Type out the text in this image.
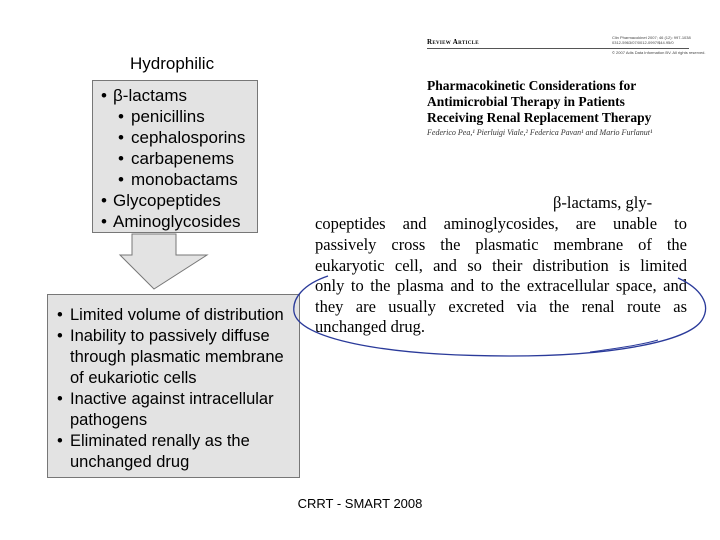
Hydrophilic
• β-lactams
• penicillins
• cephalosporins
• carbapenems
• monobactams
• Glycopeptides
• Aminoglycosides
• Limited volume of distribution
• Inability to passively diffuse
through plasmatic membrane
of eukariotic cells
• Inactive against intracellular
pathogens
• Eliminated renally as the
unchanged drug
Review Article
Clin Pharmacokinet 2007; 46 (12): 997-1038
0312-5963/07/0012-0997/$44.95/0
© 2007 Adis Data Information BV. All rights reserved.
Pharmacokinetic Considerations for
Antimicrobial Therapy in Patients
Receiving Renal Replacement Therapy
Federico Pea,¹ Pierluigi Viale,² Federica Pavan¹ and Mario Furlanut¹
β-lactams, gly-
copeptides and aminoglycosides, are unable to
passively cross the plasmatic membrane of the
eukaryotic cell, and so their distribution is limited
only to the plasma and to the extracellular space, and
they are usually excreted via the renal route as
unchanged drug.
CRRT - SMART 2008
